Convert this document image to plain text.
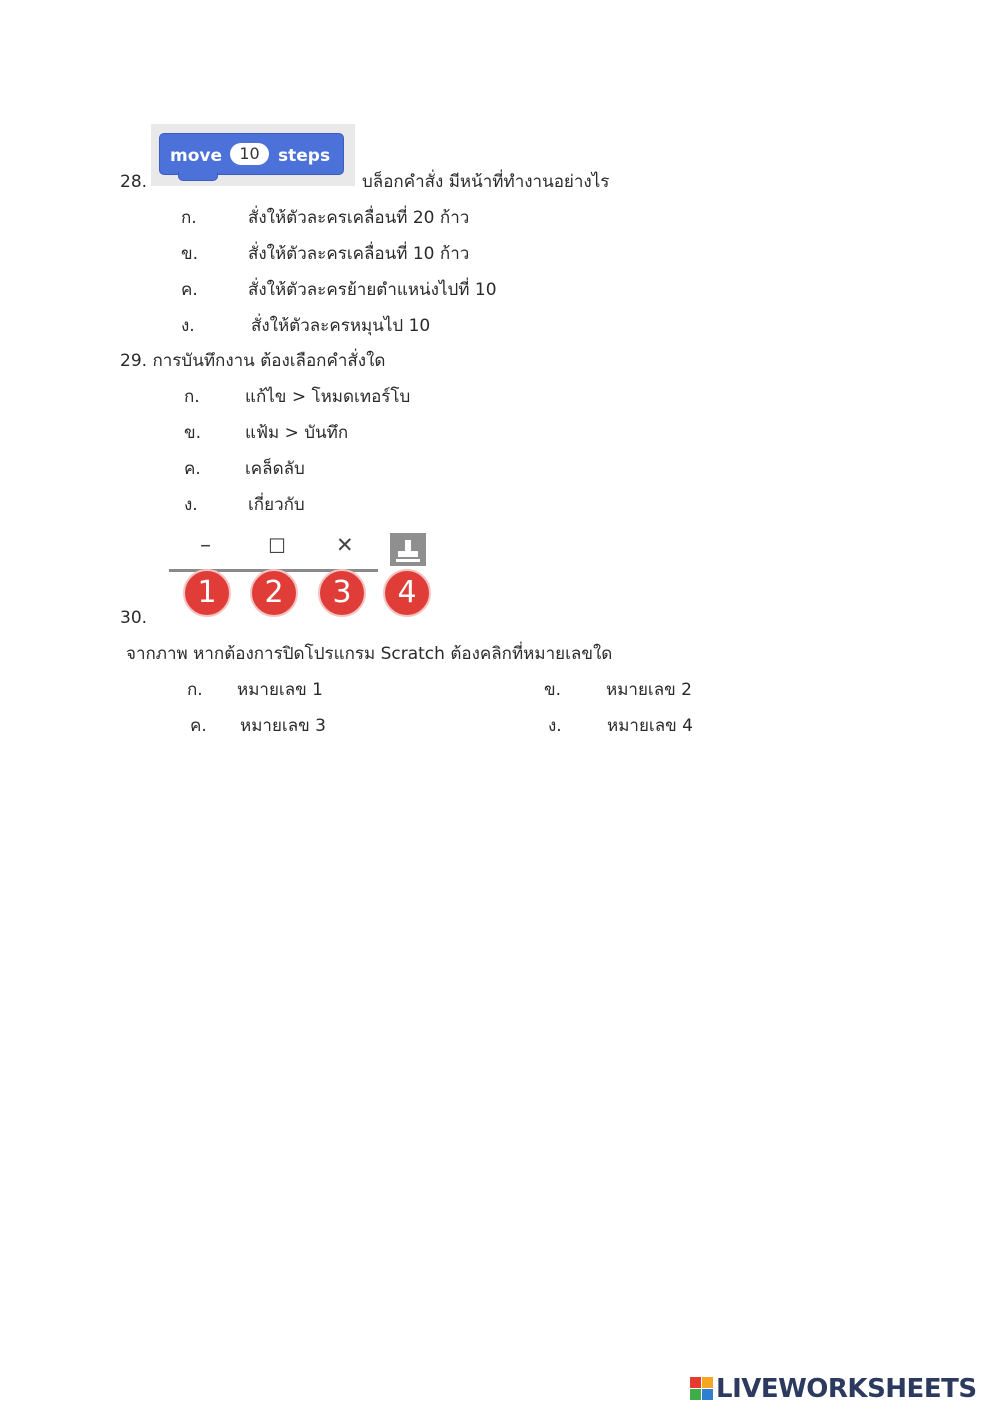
28.
move	10	steps
บล็อกคำสั่ง มีหน้าที่ทำงานอย่างไร
ก.	สั่งให้ตัวละครเคลื่อนที่ 20 ก้าว
ข.	สั่งให้ตัวละครเคลื่อนที่ 10 ก้าว
ค.	สั่งให้ตัวละครย้ายตำแหน่งไปที่ 10
ง.	สั่งให้ตัวละครหมุนไป 10
29. การบันทึกงาน ต้องเลือกคำสั่งใด
ก.	แก้ไข > โหมดเทอร์โบ
ข.	แฟ้ม > บันทึก
ค.	เคล็ดลับ
ง.	เกี่ยวกับ
–	☐ ✕
1	2	3	4
30.
จากภาพ หากต้องการปิดโปรแกรม Scratch ต้องคลิกที่หมายเลขใด
ก. หมายเลข 1	ข.	หมายเลข 2
ค. หมายเลข 3	ง.	หมายเลข 4
LIVEWORKSHEETS
